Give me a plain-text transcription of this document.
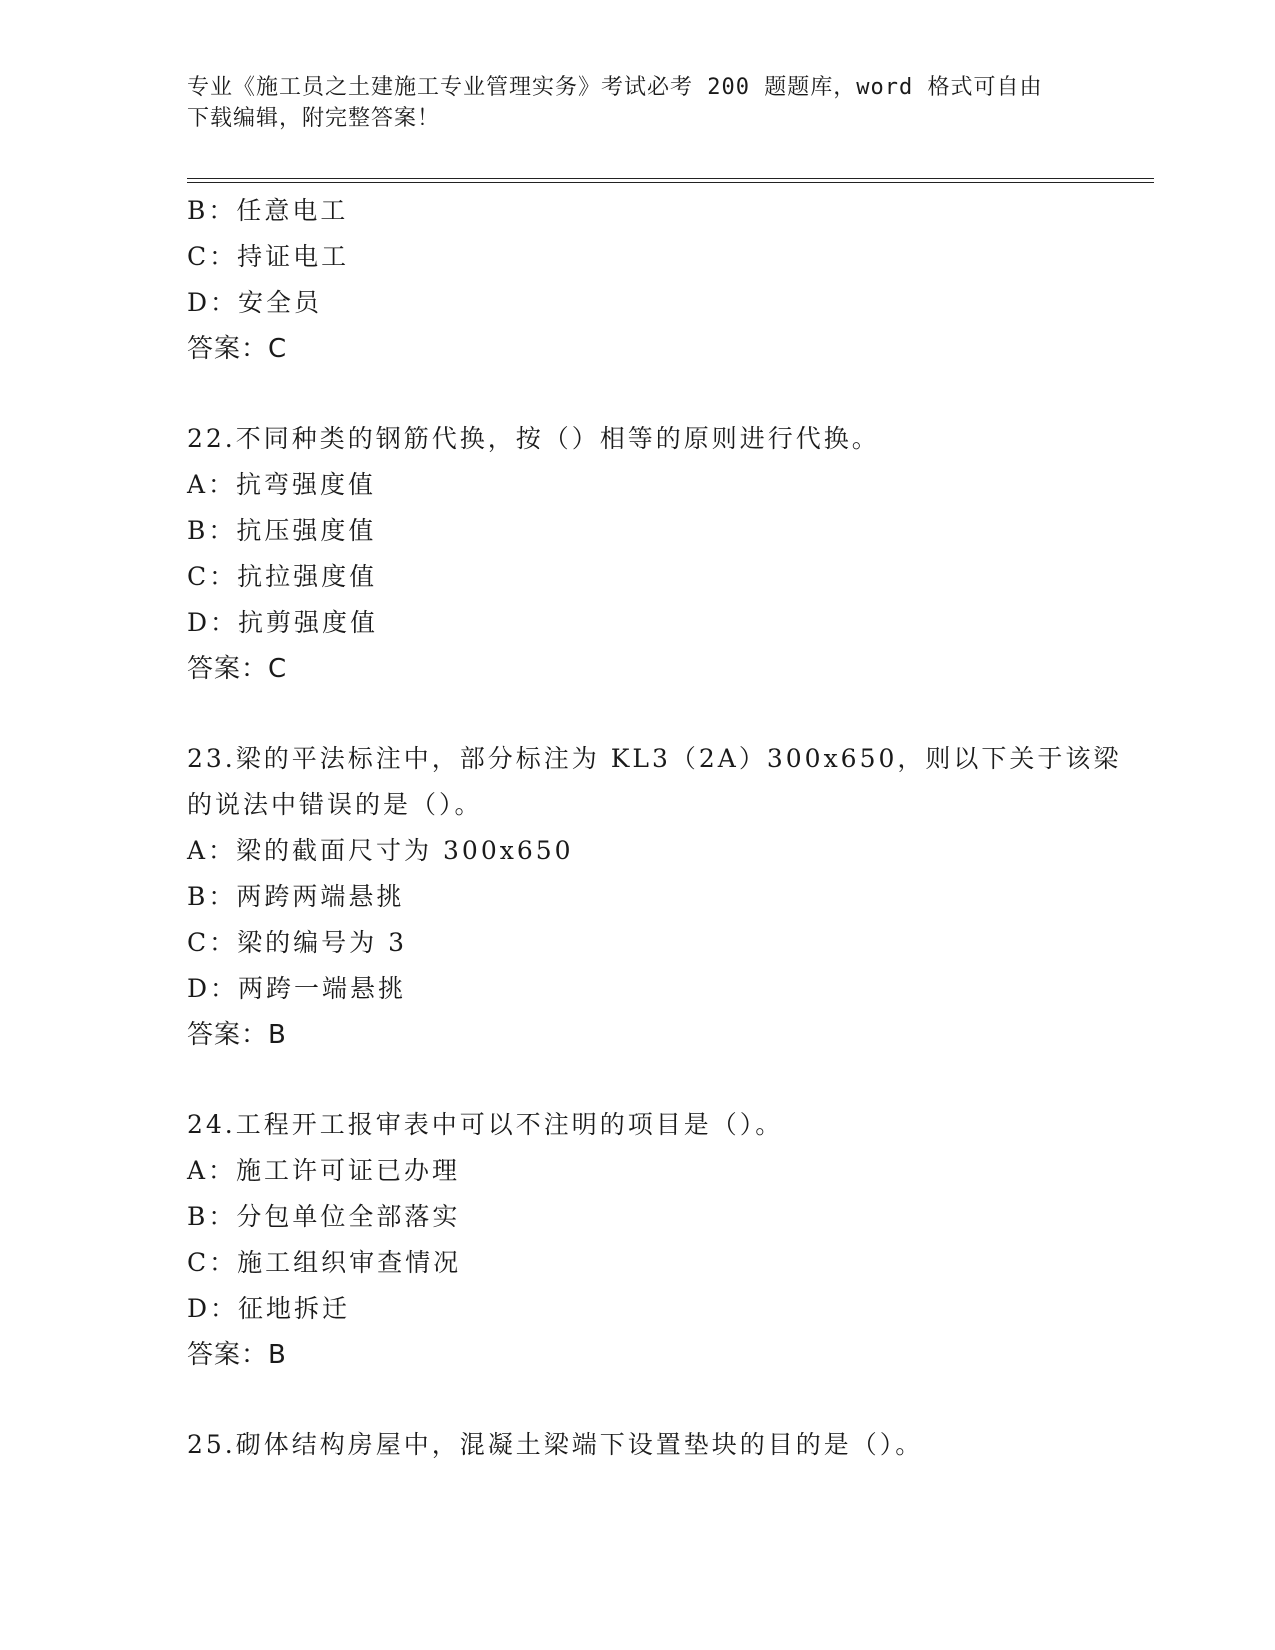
专业《施工员之土建施工专业管理实务》考试必考 200 题题库，word 格式可自由
下载编辑，附完整答案！
B：任意电工
C：持证电工
D：安全员
答案：C
22.不同种类的钢筋代换，按（）相等的原则进行代换。
A：抗弯强度值
B：抗压强度值
C：抗拉强度值
D：抗剪强度值
答案：C
23.梁的平法标注中，部分标注为 KL3（2A）300x650，则以下关于该梁
的说法中错误的是（）。
A：梁的截面尺寸为 300x650
B：两跨两端悬挑
C：梁的编号为 3
D：两跨一端悬挑
答案：B
24.工程开工报审表中可以不注明的项目是（）。
A：施工许可证已办理
B：分包单位全部落实
C：施工组织审查情况
D：征地拆迁
答案：B
25.砌体结构房屋中，混凝土梁端下设置垫块的目的是（）。
